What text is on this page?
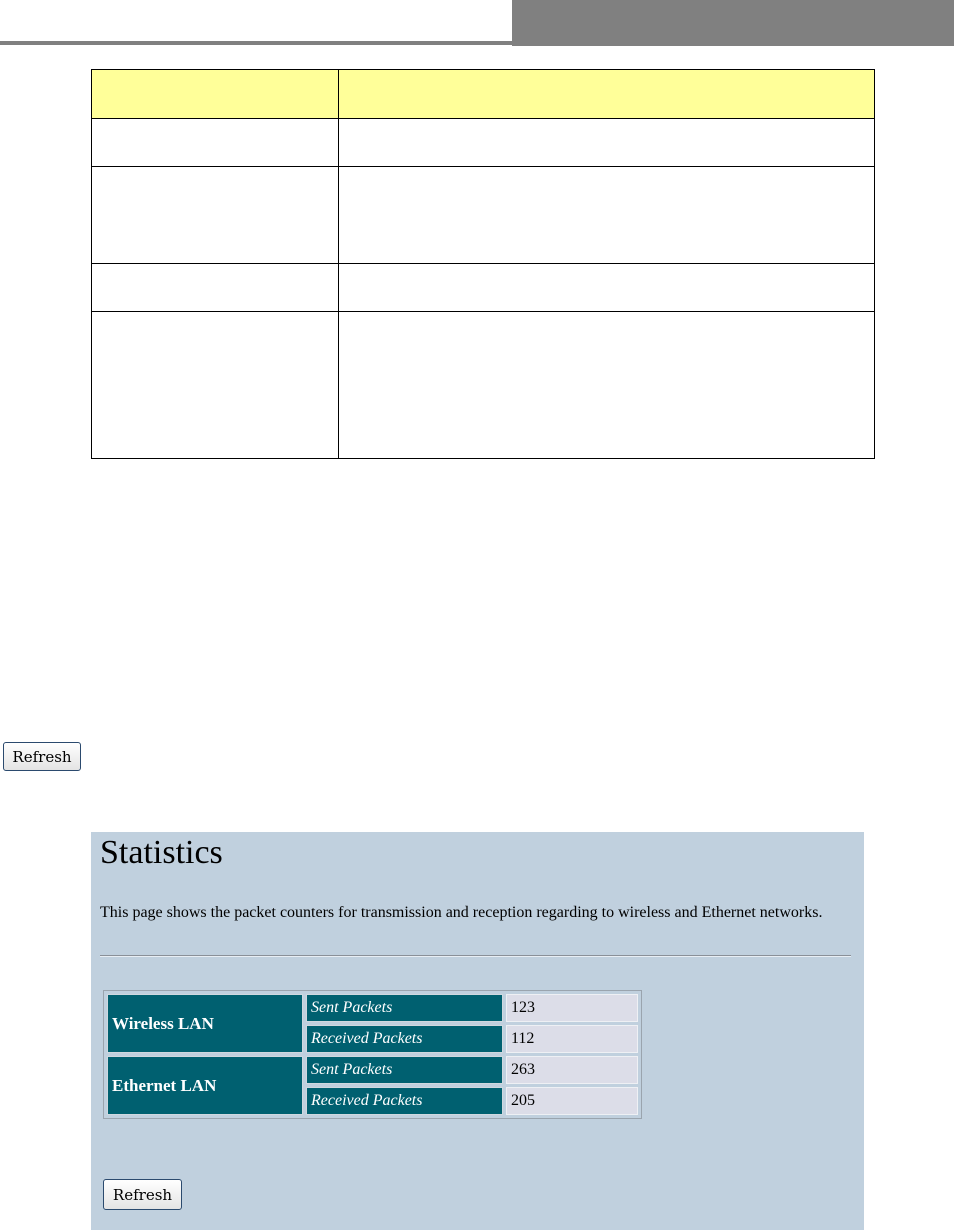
Refresh
Statistics

This page shows the packet counters for transmission and reception regarding to wireless and Ethernet networks.

Wireless LAN	Sent Packets	123
	Received Packets	112
Ethernet LAN	Sent Packets	263
	Received Packets	205
Refresh
